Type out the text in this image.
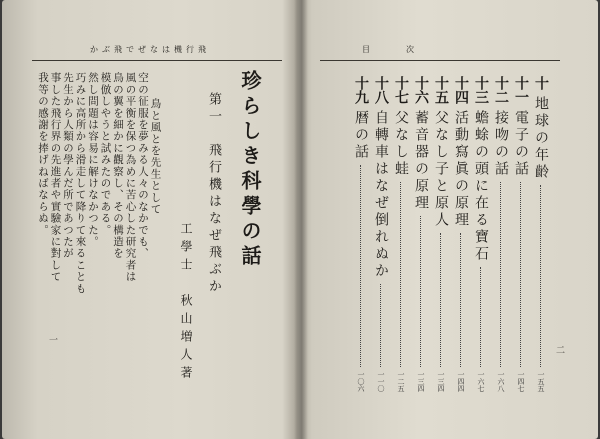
かぶ飛でぜなは機行飛
珍らしき科學の話
第一　飛行機はなぜ飛ぶか
工學士　秋山増人著
鳥と風とを先生として
空の征服を夢みる人々のなかでも、
風の平衡を保つ為めに苦心した研究者は
鳥の翼を細かに觀察し、その構造を
模倣しやうと試みたのである。
然し問題は容易に解けなかつた。
巧みに高所から滑走して降りて來ることも
先生から人類の學んだ所であつたが
事した飛行界の先進者や實驗家に對して
我等の感謝を捧げねばならぬ。
一
目　次
十
地球の年齡
一五五
十一
電子の話
一四七
十二
接吻の話
一六八
十三
蟾蜍の頭に在る寶石
一六七
十四
活動寫眞の原理
一四四
十五
父なし子と原人
一三四
十六
蓄音器の原理
一三四
十七
父なし蛙
一二五
十八
自轉車はなぜ倒れぬか
一一〇
十九
暦の話
一〇六
二
